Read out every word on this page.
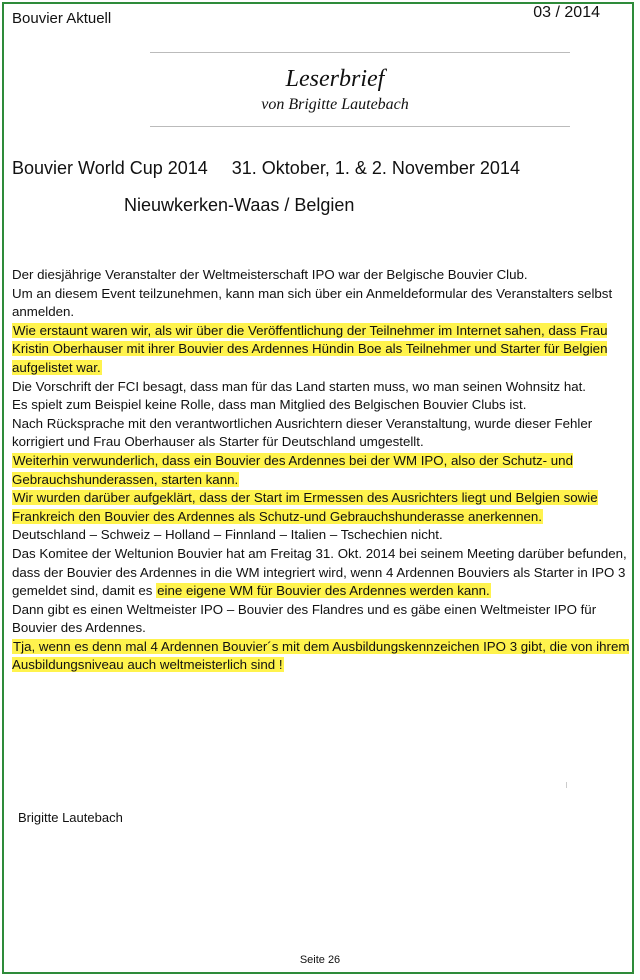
Bouvier Aktuell	03 / 2014
Leserbrief
von Brigitte Lautebach
Bouvier World Cup 2014 31. Oktober, 1. & 2. November 2014
Nieuwkerken-Waas / Belgien

Der diesjährige Veranstalter der Weltmeisterschaft IPO war der Belgische Bouvier Club.

Um an diesem Event teilzunehmen, kann man sich über ein Anmeldeformular des Veranstalters selbst anmelden.

Wie erstaunt waren wir, als wir über die Veröffentlichung der Teilnehmer im Internet sahen, dass Frau Kristin Oberhauser mit ihrer Bouvier des Ardennes Hündin Boe als Teilnehmer und Starter für Belgien aufgelistet war.

Die Vorschrift der FCI besagt, dass man für das Land starten muss, wo man seinen Wohnsitz hat.

Es spielt zum Beispiel keine Rolle, dass man Mitglied des Belgischen Bouvier Clubs ist.

Nach Rücksprache mit den verantwortlichen Ausrichtern dieser Veranstaltung, wurde dieser Fehler korrigiert und Frau Oberhauser als Starter für Deutschland umgestellt.

Weiterhin verwunderlich, dass ein Bouvier des Ardennes bei der WM IPO, also der Schutz- und Gebrauchshunderassen, starten kann.

Wir wurden darüber aufgeklärt, dass der Start im Ermessen des Ausrichters liegt und Belgien sowie Frankreich den Bouvier des Ardennes als Schutz-und Gebrauchshunderasse anerkennen.

Deutschland – Schweiz – Holland – Finnland – Italien – Tschechien nicht.

Das Komitee der Weltunion Bouvier hat am Freitag 31. Okt. 2014 bei seinem Meeting darüber befunden, dass der Bouvier des Ardennes in die WM integriert wird, wenn 4 Ardennen Bouviers als Starter in IPO 3 gemeldet sind, damit es eine eigene WM für Bouvier des Ardennes werden kann.

Dann gibt es einen Weltmeister IPO – Bouvier des Flandres und es gäbe einen Weltmeister IPO für Bouvier des Ardennes.

Tja, wenn es denn mal 4 Ardennen Bouvier´s mit dem Ausbildungskennzeichen IPO 3 gibt, die von ihrem Ausbildungsniveau auch weltmeisterlich sind !

Brigitte Lautebach
Seite 26
